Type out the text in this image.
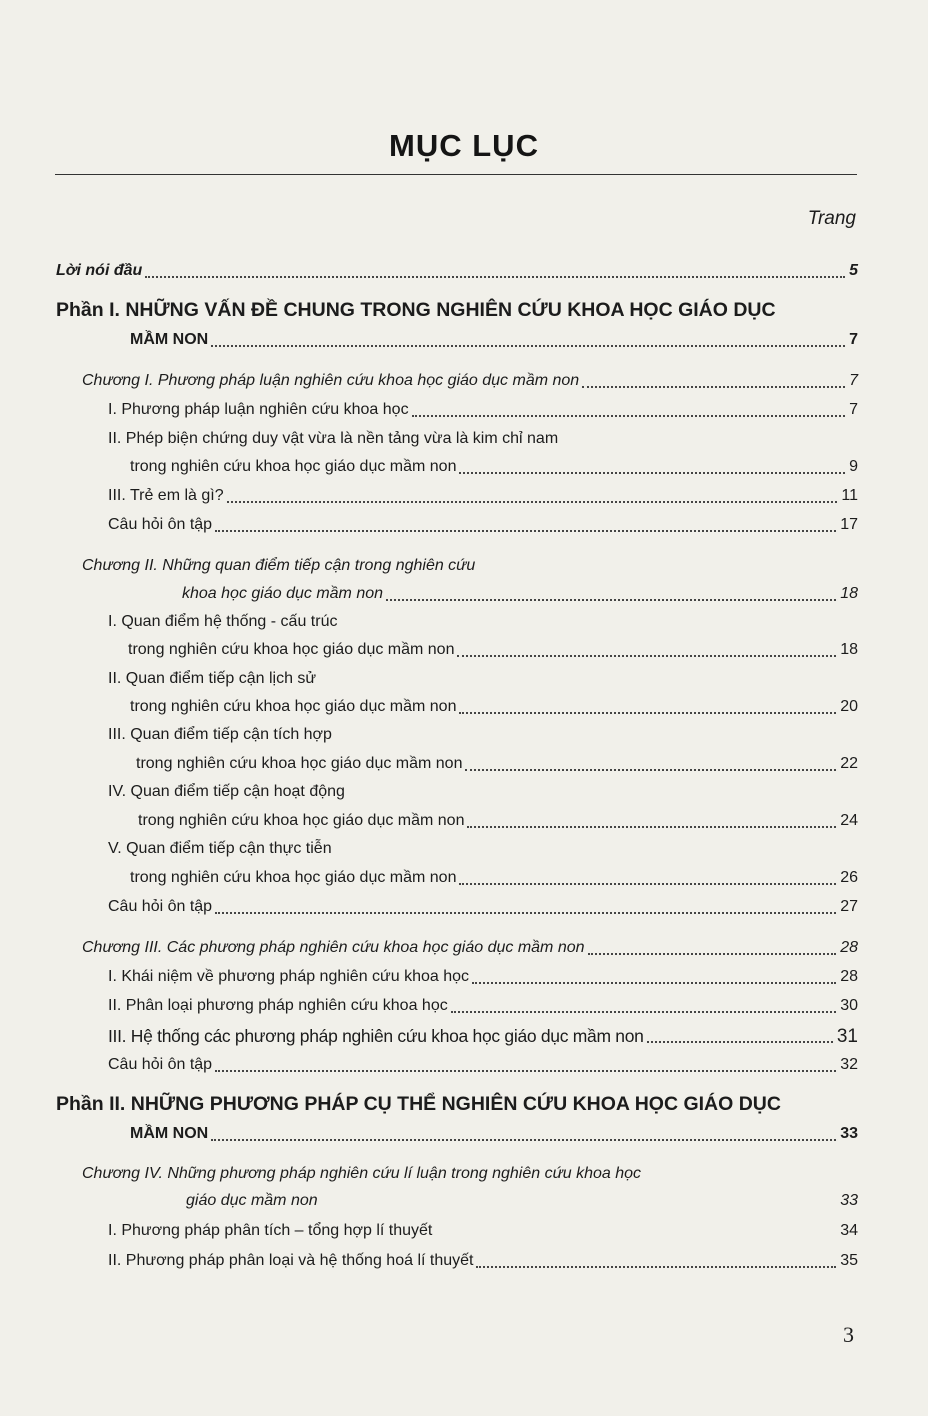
MỤC LỤC
Trang
Lời nói đầu	5
Phần I. NHỮNG VẤN ĐỀ CHUNG TRONG NGHIÊN CỨU KHOA HỌC GIÁO DỤC
MẦM NON	7
Chương I. Phương pháp luận nghiên cứu khoa học giáo dục mầm non	7
I. Phương pháp luận nghiên cứu khoa học	7
II. Phép biện chứng duy vật vừa là nền tảng vừa là kim chỉ nam
trong nghiên cứu khoa học giáo dục mầm non	9
III. Trẻ em là gì?	11
Câu hỏi ôn tập	17
Chương II. Những quan điểm tiếp cận trong nghiên cứu
khoa học giáo dục mầm non	18
I. Quan điểm hệ thống - cấu trúc
trong nghiên cứu khoa học giáo dục mầm non	18
II. Quan điểm tiếp cận lịch sử
trong nghiên cứu khoa học giáo dục mầm non	20
III. Quan điểm tiếp cận tích hợp
trong nghiên cứu khoa học giáo dục mầm non	22
IV. Quan điểm tiếp cận hoạt động
trong nghiên cứu khoa học giáo dục mầm non	24
V. Quan điểm tiếp cận thực tiễn
trong nghiên cứu khoa học giáo dục mầm non	26
Câu hỏi ôn tập	27
Chương III. Các phương pháp nghiên cứu khoa học giáo dục mầm non	28
I. Khái niệm về phương pháp nghiên cứu khoa học	28
II. Phân loại phương pháp nghiên cứu khoa học	30
III. Hệ thống các phương pháp nghiên cứu khoa học giáo dục mầm non	31
Câu hỏi ôn tập	32
Phần II. NHỮNG PHƯƠNG PHÁP CỤ THỂ NGHIÊN CỨU KHOA HỌC GIÁO DỤC
MẦM NON	33
Chương IV. Những phương pháp nghiên cứu lí luận trong nghiên cứu khoa học
giáo dục mầm non	33
I. Phương pháp phân tích – tổng hợp lí thuyết	34
II. Phương pháp phân loại và hệ thống hoá lí thuyết	35
3
